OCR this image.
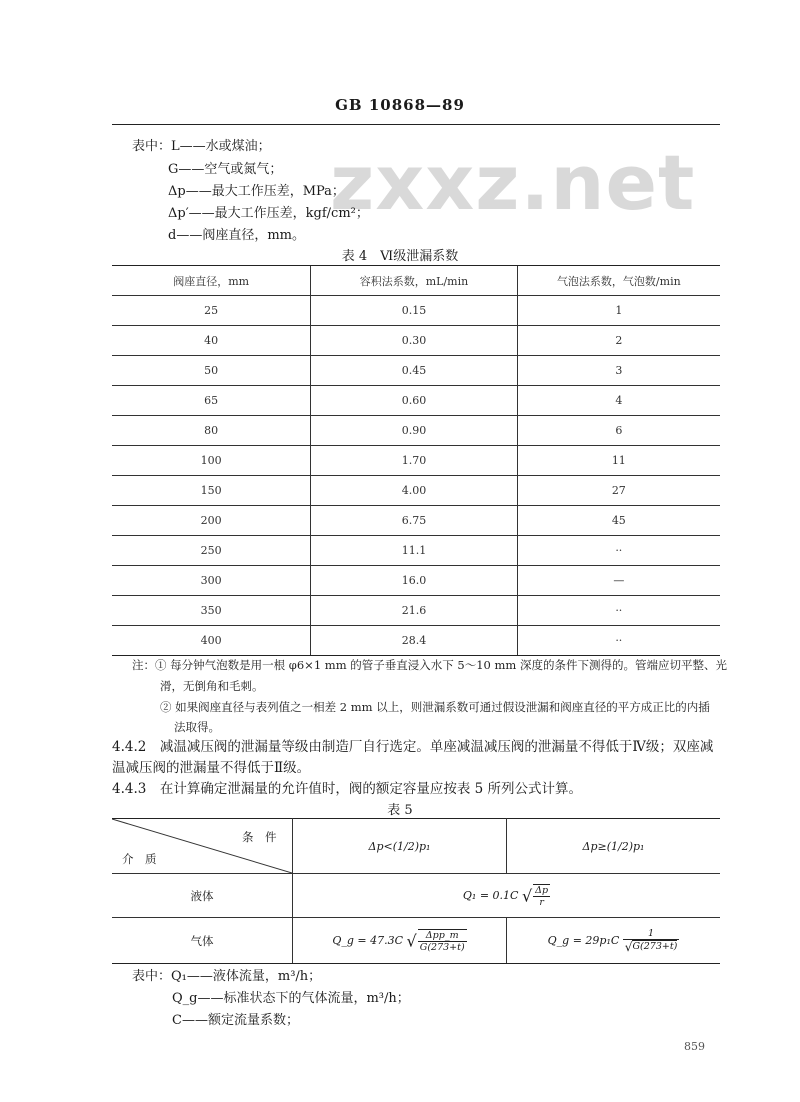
GB 10868—89
zxxz.net
表中：L——水或煤油；
G——空气或氮气；
Δp——最大工作压差，MPa；
Δp′——最大工作压差，kgf/cm²；
d——阀座直径，mm。
表 4　Ⅵ级泄漏系数
阀座直径，mm	容积法系数，mL/min	气泡法系数，气泡数/min
25	0.15	1
40	0.30	2
50	0.45	3
65	0.60	4
80	0.90	6
100	1.70	11
150	4.00	27
200	6.75	45
250	11.1	··
300	16.0	—
350	21.6	··
400	28.4	··
注：① 每分钟气泡数是用一根 φ6×1 mm 的管子垂直浸入水下 5～10 mm 深度的条件下测得的。管端应切平整、光
滑，无倒角和毛刺。
② 如果阀座直径与表列值之一相差 2 mm 以上，则泄漏系数可通过假设泄漏和阀座直径的平方成正比的内插
法取得。
4.4.2　减温减压阀的泄漏量等级由制造厂自行选定。单座减温减压阀的泄漏量不得低于Ⅳ级；双座减
温减压阀的泄漏量不得低于Ⅱ级。
4.4.3　在计算确定泄漏量的允许值时，阀的额定容量应按表 5 所列公式计算。
表 5
条　件
介　质	Δp<(1/2)p₁	Δp≥(1/2)p₁
液体	Q₁ = 0.1C √ $\frac{\Delta p}{r}$

气体	Q_g = 47.3C √ $\frac{\text{Δpp\_m}}{G(273+t)}$	Q_g = $29p_1C \frac{1}{√G(273+t)}$
表中：Q₁——液体流量，m³/h；
Q_g——标准状态下的气体流量，m³/h；
C——额定流量系数；
859
